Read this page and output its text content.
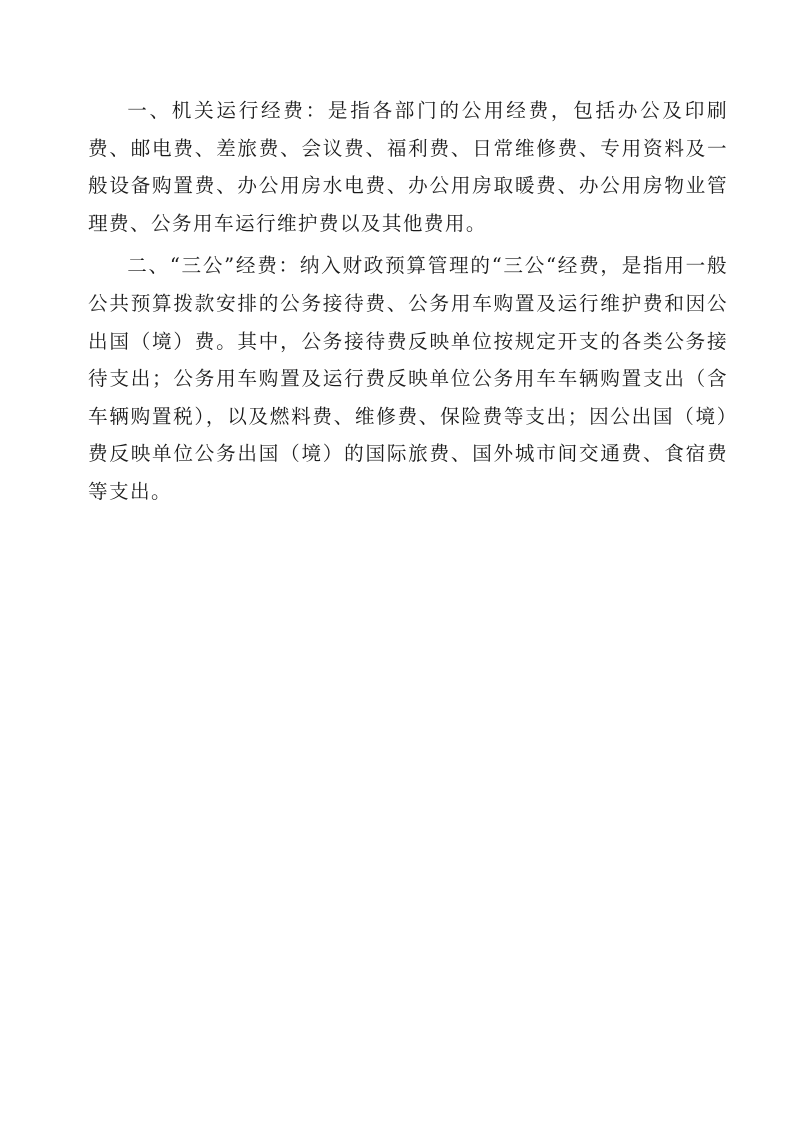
一、机关运行经费：是指各部门的公用经费，包括办公及印刷费、邮电费、差旅费、会议费、福利费、日常维修费、专用资料及一般设备购置费、办公用房水电费、办公用房取暖费、办公用房物业管理费、公务用车运行维护费以及其他费用。

二、“三公”经费：纳入财政预算管理的“三公“经费，是指用一般公共预算拨款安排的公务接待费、公务用车购置及运行维护费和因公出国（境）费。其中，公务接待费反映单位按规定开支的各类公务接待支出；公务用车购置及运行费反映单位公务用车车辆购置支出（含车辆购置税），以及燃料费、维修费、保险费等支出；因公出国（境）费反映单位公务出国（境）的国际旅费、国外城市间交通费、食宿费等支出。
